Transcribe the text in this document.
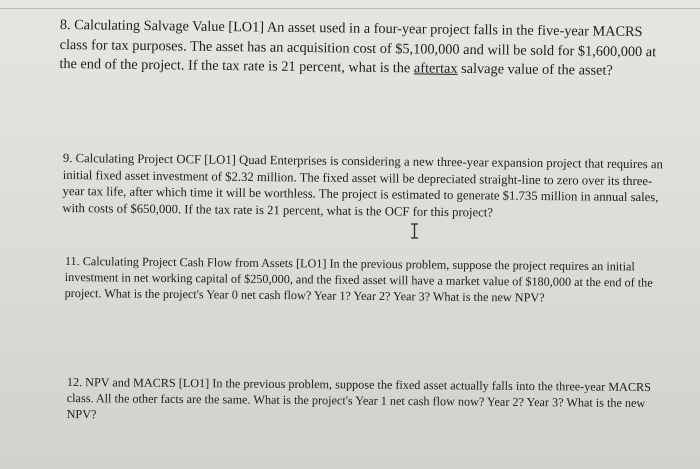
8. Calculating Salvage Value [LO1] An asset used in a four-year project falls in the five-year MACRS class for tax purposes. The asset has an acquisition cost of $5,100,000 and will be sold for $1,600,000 at the end of the project. If the tax rate is 21 percent, what is the aftertax salvage value of the asset?

9. Calculating Project OCF [LO1] Quad Enterprises is considering a new three-year expansion project that requires an initial fixed asset investment of $2.32 million. The fixed asset will be depreciated straight-line to zero over its three-year tax life, after which time it will be worthless. The project is estimated to generate $1.735 million in annual sales, with costs of $650,000. If the tax rate is 21 percent, what is the OCF for this project?

11. Calculating Project Cash Flow from Assets [LO1] In the previous problem, suppose the project requires an initial investment in net working capital of $250,000, and the fixed asset will have a market value of $180,000 at the end of the project. What is the project's Year 0 net cash flow? Year 1? Year 2? Year 3? What is the new NPV?

12. NPV and MACRS [LO1] In the previous problem, suppose the fixed asset actually falls into the three-year MACRS class. All the other facts are the same. What is the project's Year 1 net cash flow now? Year 2? Year 3? What is the new NPV?
